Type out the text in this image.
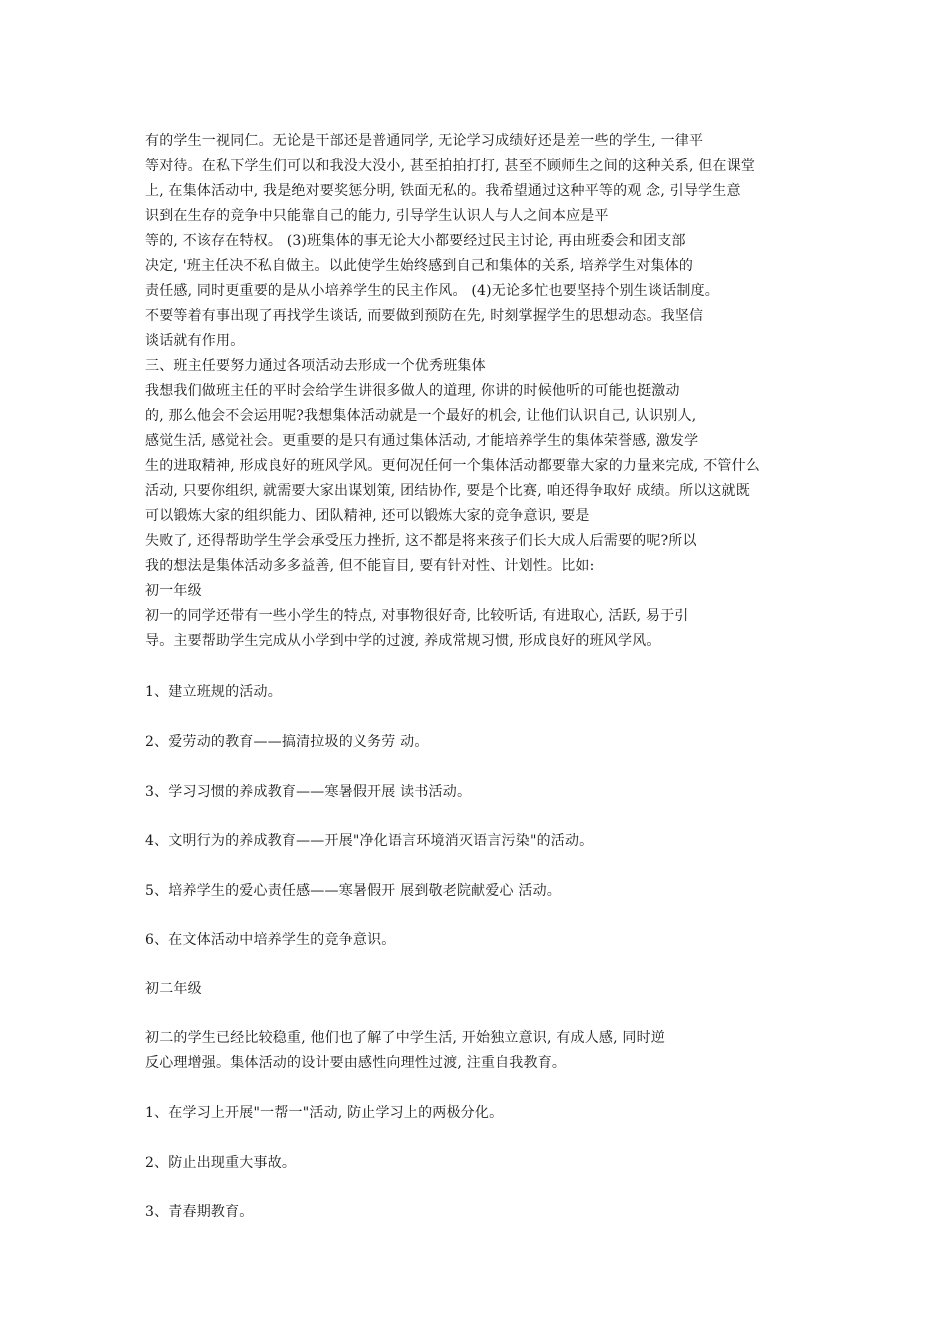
有的学生一视同仁。无论是干部还是普通同学, 无论学习成绩好还是差一些的学生, 一律平
等对待。在私下学生们可以和我没大没小, 甚至拍拍打打, 甚至不顾师生之间的这种关系, 但在课堂
上, 在集体活动中, 我是绝对要奖惩分明, 铁面无私的。我希望通过这种平等的观 念, 引导学生意
识到在生存的竞争中只能靠自己的能力, 引导学生认识人与人之间本应是平
等的, 不该存在特权。 (3)班集体的事无论大小都要经过民主讨论, 再由班委会和团支部
决定, '班主任决不私自做主。以此使学生始终感到自己和集体的关系, 培养学生对集体的
责任感, 同时更重要的是从小培养学生的民主作风。 (4)无论多忙也要坚持个别生谈话制度。
不要等着有事出现了再找学生谈话, 而要做到预防在先, 时刻掌握学生的思想动态。我坚信
谈话就有作用。
三、班主任要努力通过各项活动去形成一个优秀班集体
我想我们做班主任的平时会给学生讲很多做人的道理, 你讲的时候他听的可能也挺激动
的, 那么他会不会运用呢?我想集体活动就是一个最好的机会, 让他们认识自己, 认识别人,
感觉生活, 感觉社会。更重要的是只有通过集体活动, 才能培养学生的集体荣誉感, 激发学
生的进取精神, 形成良好的班风学风。更何况任何一个集体活动都要靠大家的力量来完成, 不管什么
活动, 只要你组织, 就需要大家出谋划策, 团结协作, 要是个比赛, 咱还得争取好 成绩。所以这就既
可以锻炼大家的组织能力、团队精神, 还可以锻炼大家的竞争意识, 要是
失败了, 还得帮助学生学会承受压力挫折, 这不都是将来孩子们长大成人后需要的呢?所以
我的想法是集体活动多多益善, 但不能盲目, 要有针对性、计划性。比如:
初一年级
初一的同学还带有一些小学生的特点, 对事物很好奇, 比较听话, 有进取心, 活跃, 易于引
导。主要帮助学生完成从小学到中学的过渡, 养成常规习惯, 形成良好的班风学风。
1、建立班规的活动。
2、爱劳动的教育——搞清拉圾的义务劳 动。
3、学习习惯的养成教育——寒暑假开展 读书活动。
4、文明行为的养成教育——开展"净化语言环境消灭语言污染"的活动。
5、培养学生的爱心责任感——寒暑假开 展到敬老院献爱心 活动。
6、在文体活动中培养学生的竞争意识。
初二年级
初二的学生已经比较稳重, 他们也了解了中学生活, 开始独立意识, 有成人感, 同时逆
反心理增强。集体活动的设计要由感性向理性过渡, 注重自我教育。
1、在学习上开展"一帮一"活动, 防止学习上的两极分化。
2、防止出现重大事故。
3、青春期教育。
